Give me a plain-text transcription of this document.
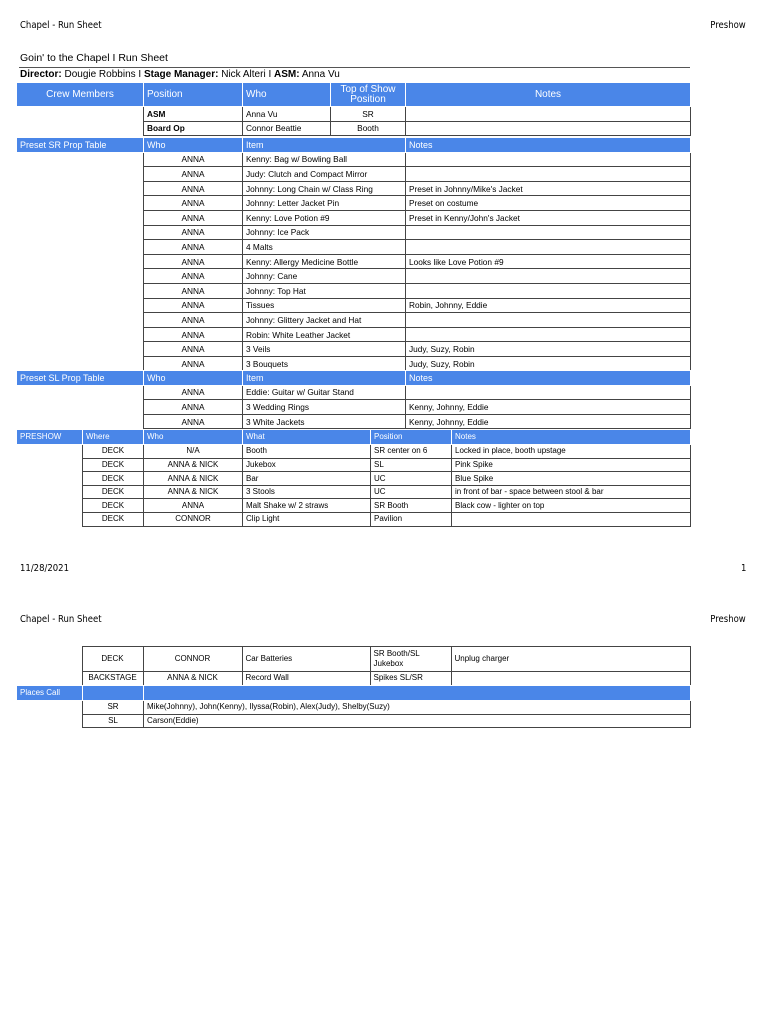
Chapel - Run Sheet	Preshow
Goin' to the Chapel I Run Sheet
Director: Dougie Robbins I Stage Manager: Nick Alteri I ASM: Anna Vu
Crew Members	Position	Who	Top of Show Position	Notes
	ASM	Anna Vu	SR	
	Board Op	Connor Beattie	Booth	
Preset SR Prop Table	Who	Item	Notes
	ANNA	Kenny: Bag w/ Bowling Ball	
	ANNA	Judy: Clutch and Compact Mirror	
	ANNA	Johnny: Long Chain w/ Class Ring	Preset in Johnny/Mike's Jacket
	ANNA	Johnny: Letter Jacket Pin	Preset on costume
	ANNA	Kenny: Love Potion #9	Preset in Kenny/John's Jacket
	ANNA	Johnny: Ice Pack	
	ANNA	4 Malts	
	ANNA	Kenny: Allergy Medicine Bottle	Looks like Love Potion #9
	ANNA	Johnny: Cane	
	ANNA	Johnny: Top Hat	
	ANNA	Tissues	Robin, Johnny, Eddie
	ANNA	Johnny: Glittery Jacket and Hat	
	ANNA	Robin: White Leather Jacket	
	ANNA	3 Veils	Judy, Suzy, Robin
	ANNA	3 Bouquets	Judy, Suzy, Robin
Preset SL Prop Table	Who	Item	Notes
	ANNA	Eddie: Guitar w/ Guitar Stand	
	ANNA	3 Wedding Rings	Kenny, Johnny, Eddie
	ANNA	3 White Jackets	Kenny, Johnny, Eddie
PRESHOW	Where	Who	What	Position	Notes
	DECK	N/A	Booth	SR center on 6	Locked in place, booth upstage
	DECK	ANNA & NICK	Jukebox	SL	Pink Spike
	DECK	ANNA & NICK	Bar	UC	Blue Spike
	DECK	ANNA & NICK	3 Stools	UC	in front of bar - space between stool & bar
	DECK	ANNA	Malt Shake w/ 2 straws	SR Booth	Black cow - lighter on top
	DECK	CONNOR	Clip Light	Pavilion	
11/28/2021	1
Chapel - Run Sheet	Preshow
	DECK	CONNOR	Car Batteries	SR Booth/SL Jukebox	Unplug charger
	BACKSTAGE	ANNA & NICK	Record Wall	Spikes SL/SR	
Places Call		
	SR	Mike(Johnny), John(Kenny), Ilyssa(Robin), Alex(Judy), Shelby(Suzy)
	SL	Carson(Eddie)
